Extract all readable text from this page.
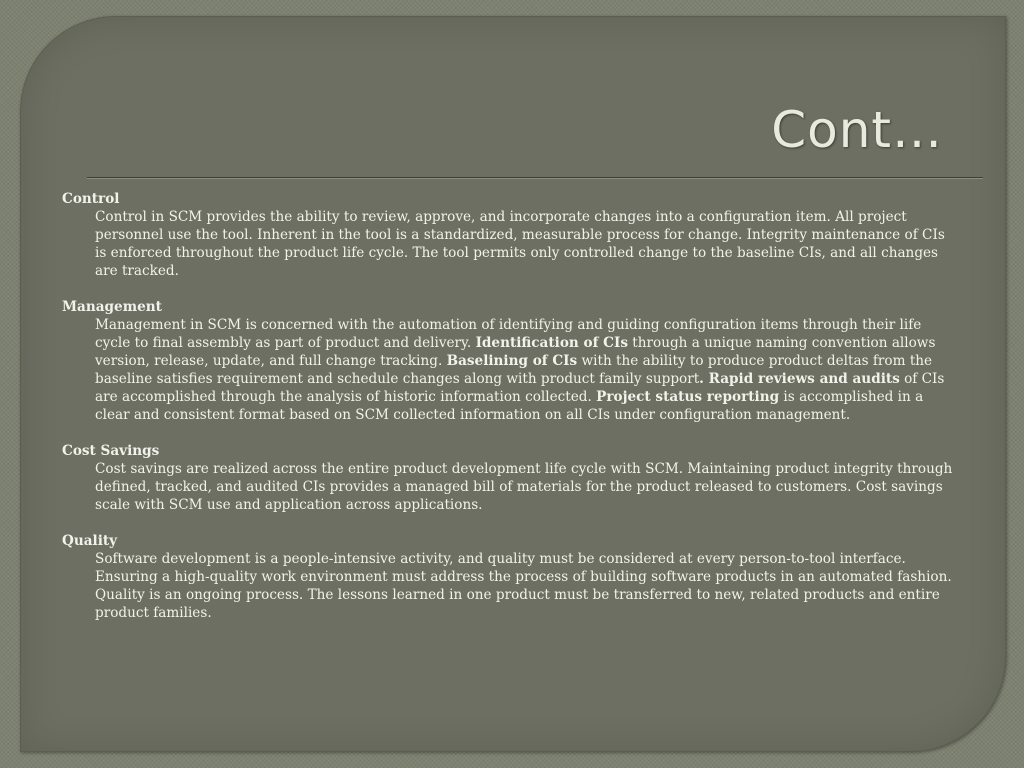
Cont…

Control

Control in SCM provides the ability to review, approve, and incorporate changes into a configuration item. All project personnel use the tool. Inherent in the tool is a standardized, measurable process for change. Integrity maintenance of CIs is enforced throughout the product life cycle. The tool permits only controlled change to the baseline CIs, and all changes are tracked.

Management

Management in SCM is concerned with the automation of identifying and guiding configuration items through their life cycle to final assembly as part of product and delivery. Identification of CIs through a unique naming convention allows version, release, update, and full change tracking. Baselining of CIs with the ability to produce product deltas from the baseline satisfies requirement and schedule changes along with product family support. Rapid reviews and audits of CIs are accomplished through the analysis of historic information collected. Project status reporting is accomplished in a clear and consistent format based on SCM collected information on all CIs under configuration management.

Cost Savings

Cost savings are realized across the entire product development life cycle with SCM. Maintaining product integrity through defined, tracked, and audited CIs provides a managed bill of materials for the product released to customers. Cost savings scale with SCM use and application across applications.

Quality

Software development is a people-intensive activity, and quality must be considered at every person-to-tool interface. Ensuring a high-quality work environment must address the process of building software products in an automated fashion. Quality is an ongoing process. The lessons learned in one product must be transferred to new, related products and entire product families.
